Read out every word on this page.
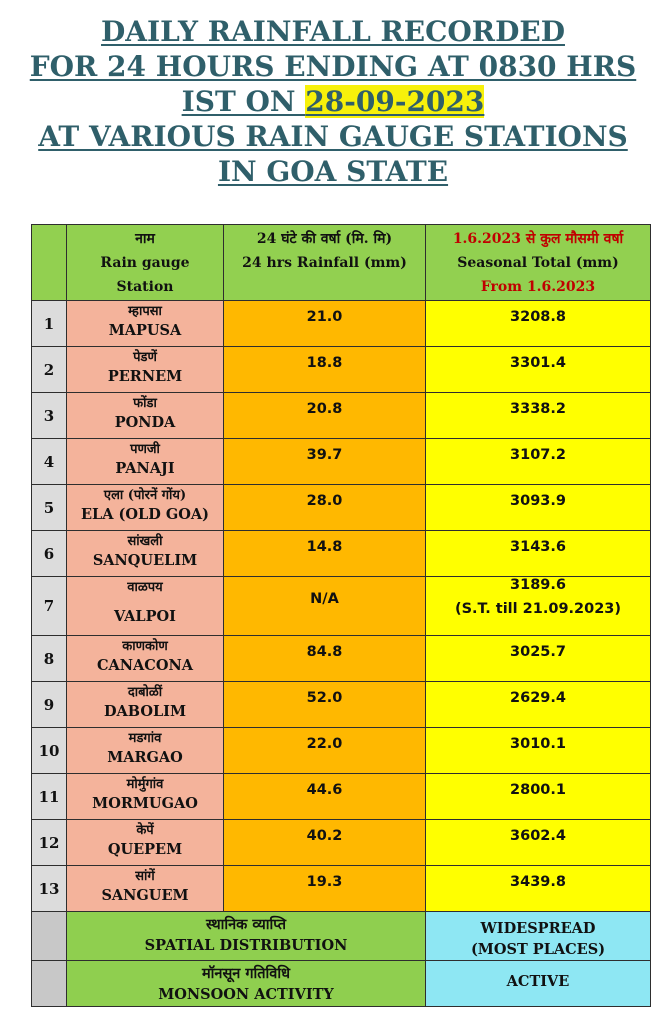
DAILY RAINFALL RECORDED
FOR 24 HOURS ENDING AT 0830 HRS
IST ON 28-09-2023
AT VARIOUS RAIN GAUGE STATIONS
IN GOA STATE

	नाम
Rain gauge
Station	24 घंटे की वर्षा (मि. मि)
24 hrs Rainfall (mm)	1.6.2023 से कुल मौसमी वर्षा
Seasonal Total (mm)
From 1.6.2023

1	म्हापसा
MAPUSA	21.0	3208.8

2	पेडणें
PERNEM	18.8	3301.4

3	फोंडा
PONDA	20.8	3338.2

4	पणजी
PANAJI	39.7	3107.2

5	एला (पोरनें गोंय)
ELA (OLD GOA)	28.0	3093.9

6	सांखली
SANQUELIM	14.8	3143.6

7	वाळपय
VALPOI	N/A	3189.6
(S.T. till 21.09.2023)

8	काणकोण
CANACONA	84.8	3025.7

9	दाबोळीं
DABOLIM	52.0	2629.4

10	मडगांव
MARGAO	22.0	3010.1

11	मोर्मुगांव
MORMUGAO	44.6	2800.1

12	केपें
QUEPEM	40.2	3602.4

13	सांगें
SANGUEM	19.3	3439.8

	स्थानिक व्याप्ति
SPATIAL DISTRIBUTION		WIDESPREAD
(MOST PLACES)

	मॉनसून गतिविधि
MONSOON ACTIVITY		ACTIVE
